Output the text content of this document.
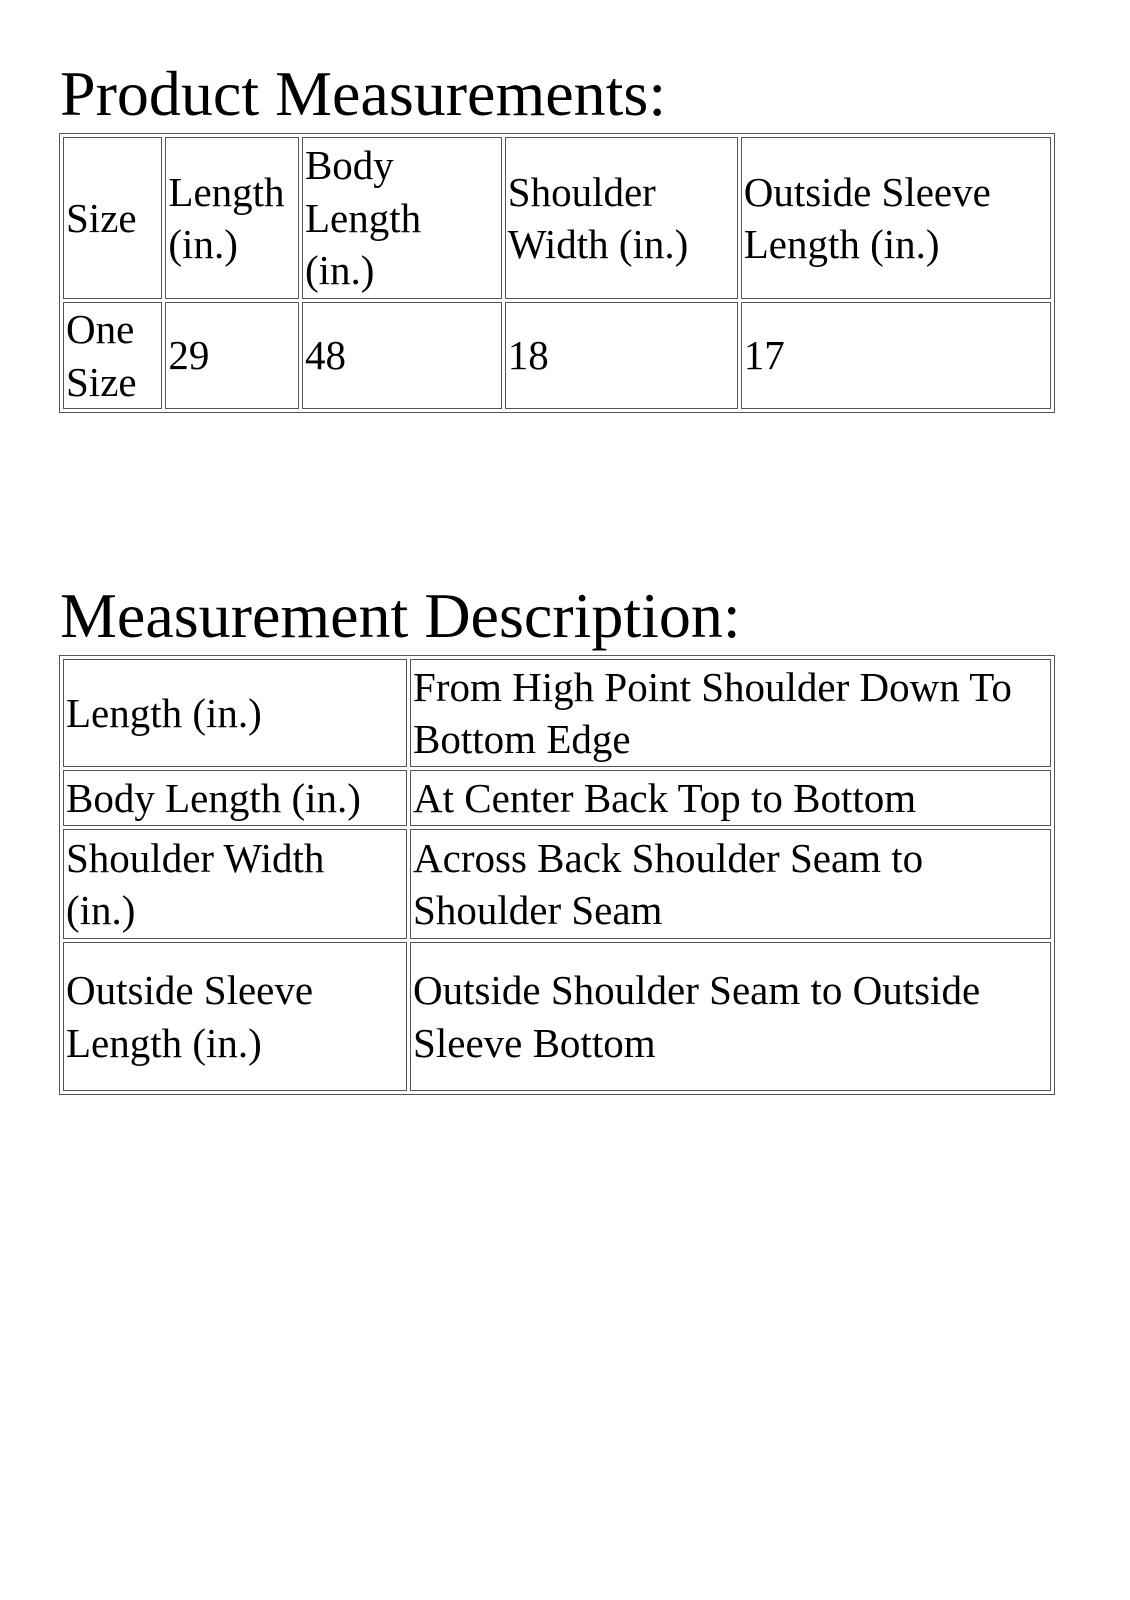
Product Measurements:
Size	Length (in.)	Body Length (in.)	Shoulder Width (in.)	Outside Sleeve Length (in.)
One Size	29	48	18	17
Measurement Description:
Length (in.)	From High Point Shoulder Down To Bottom Edge
Body Length (in.)	At Center Back Top to Bottom
Shoulder Width (in.)	Across Back Shoulder Seam to Shoulder Seam
Outside Sleeve Length (in.)	Outside Shoulder Seam to Outside Sleeve Bottom
